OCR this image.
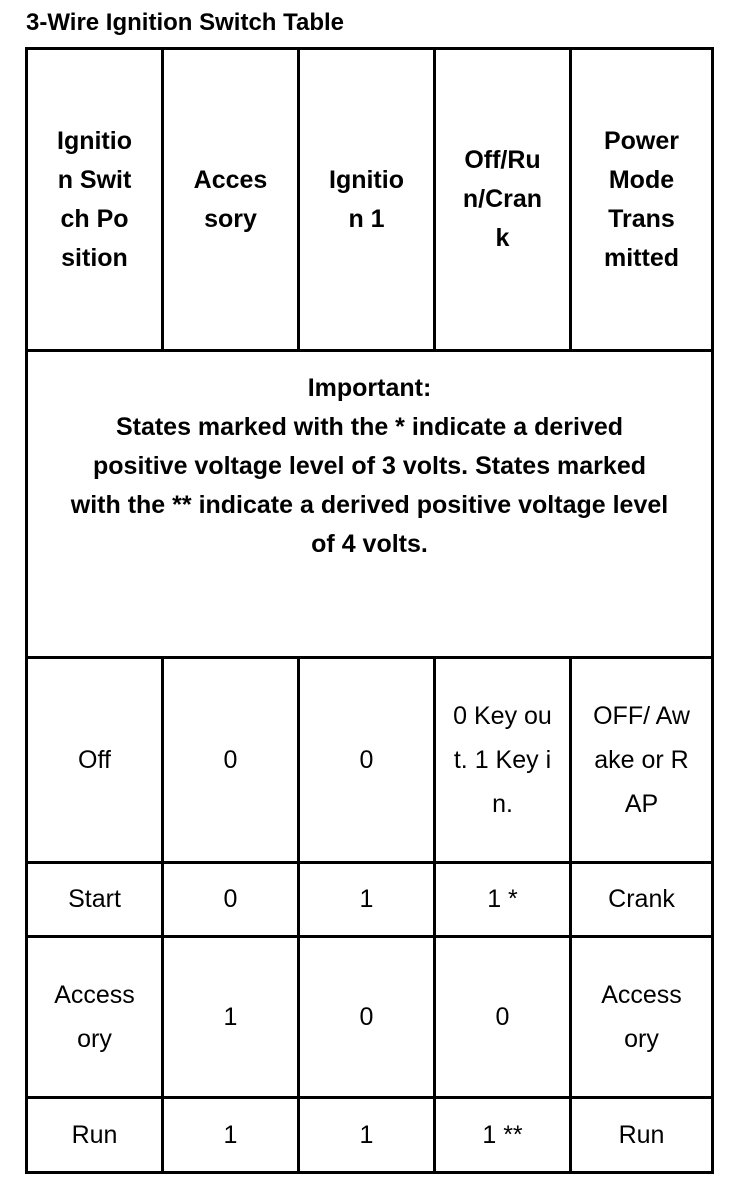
3-Wire Ignition Switch Table
Ignition Switch Position	Accessory	Ignition 1	Off/Run/Crank	Power Mode Transmitted

Important:
States marked with the * indicate a derived positive voltage level of 3 volts. States marked with the ** indicate a derived positive voltage level of 4 volts.				

Off	0	0	0 Key out. 1 Key in.	OFF/ Awake or RAP

Start	0	1	1 *	Crank

Accessory	1	0	0	Accessory

Run	1	1	1 **	Run
